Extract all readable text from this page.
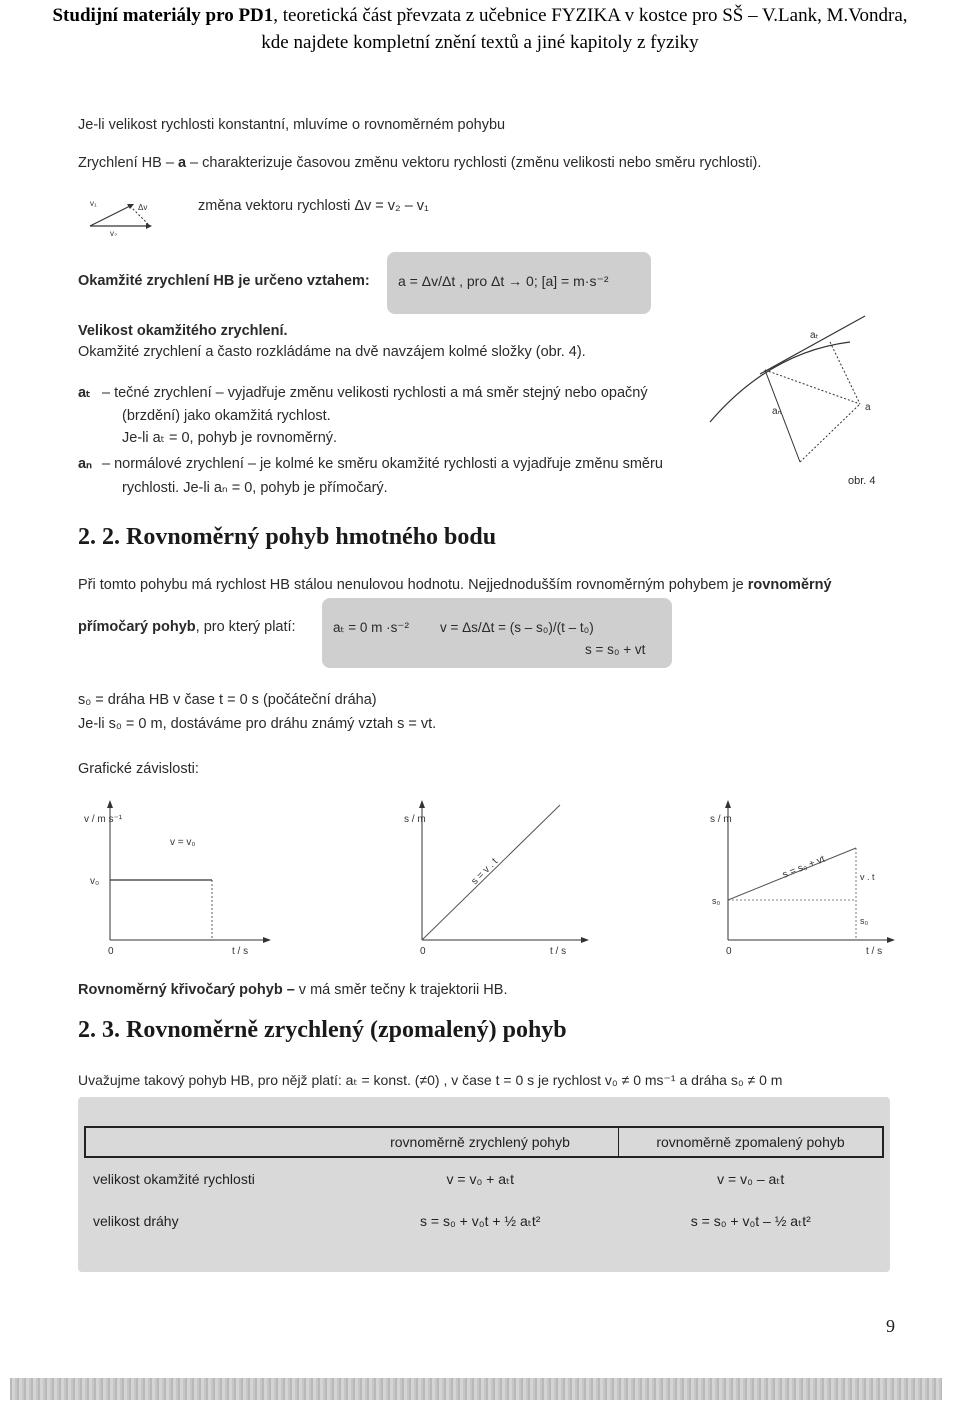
Studijní materiály pro PD1, teoretická část převzata z učebnice FYZIKA v kostce pro SŠ – V.Lank, M.Vondra,
kde najdete kompletní znění textů a jiné kapitoly z fyziky
Je-li velikost rychlosti konstantní, mluvíme o rovnoměrném pohybu
Zrychlení HB – a – charakterizuje časovou změnu vektoru rychlosti (změnu velikosti nebo směru rychlosti).
v₁	Δv
v₂
změna vektoru rychlosti Δv = v₂ – v₁
Okamžité zrychlení HB je určeno vztahem: a = Δv/Δt , pro Δt → 0; [a] = m·s⁻²
Velikost okamžitého zrychlení.
Okamžité zrychlení a často rozkládáme na dvě navzájem kolmé složky (obr. 4).
aₜ – tečné zrychlení – vyjadřuje změnu velikosti rychlosti a má směr stejný nebo opačný
(brzdění) jako okamžitá rychlost.
Je-li aₜ = 0, pohyb je rovnoměrný.
aₙ – normálové zrychlení – je kolmé ke směru okamžité rychlosti a vyjadřuje změnu směru
rychlosti. Je-li aₙ = 0, pohyb je přímočarý.
aₜ
aₙ	a
obr. 4
2. 2. Rovnoměrný pohyb hmotného bodu
Při tomto pohybu má rychlost HB stálou nenulovou hodnotu. Nejjednodušším rovnoměrným pohybem je rovnoměrný
přímočarý pohyb, pro který platí:	aₜ = 0 m ·s⁻² v = Δs/Δt = (s – s₀)/(t – t₀)
s = s₀ + vt
s₀ = dráha HB v čase t = 0 s (počáteční dráha)
Je-li s₀ = 0 m, dostáváme pro dráhu známý vztah s = vt.
Grafické závislosti:
v / m s⁻¹
v = v₀
v₀
0	t / s
s / m
s = v . t
0	t / s
s / m
s = s₀ + vt
s₀
v . t
s₀
0	t / s
Rovnoměrný křivočarý pohyb – v má směr tečny k trajektorii HB.
2. 3. Rovnoměrně zrychlený (zpomalený) pohyb
Uvažujme takový pohyb HB, pro nějž platí: aₜ = konst. (≠0) , v čase t = 0 s je rychlost v₀ ≠ 0 ms⁻¹ a dráha s₀ ≠ 0 m
	rovnoměrně zrychlený pohyb	rovnoměrně zpomalený pohyb
velikost okamžité rychlosti	v = v₀ + aₜt	v = v₀ – aₜt
velikost dráhy	s = s₀ + v₀t + ½ aₜt²	s = s₀ + v₀t – ½ aₜt²
9
